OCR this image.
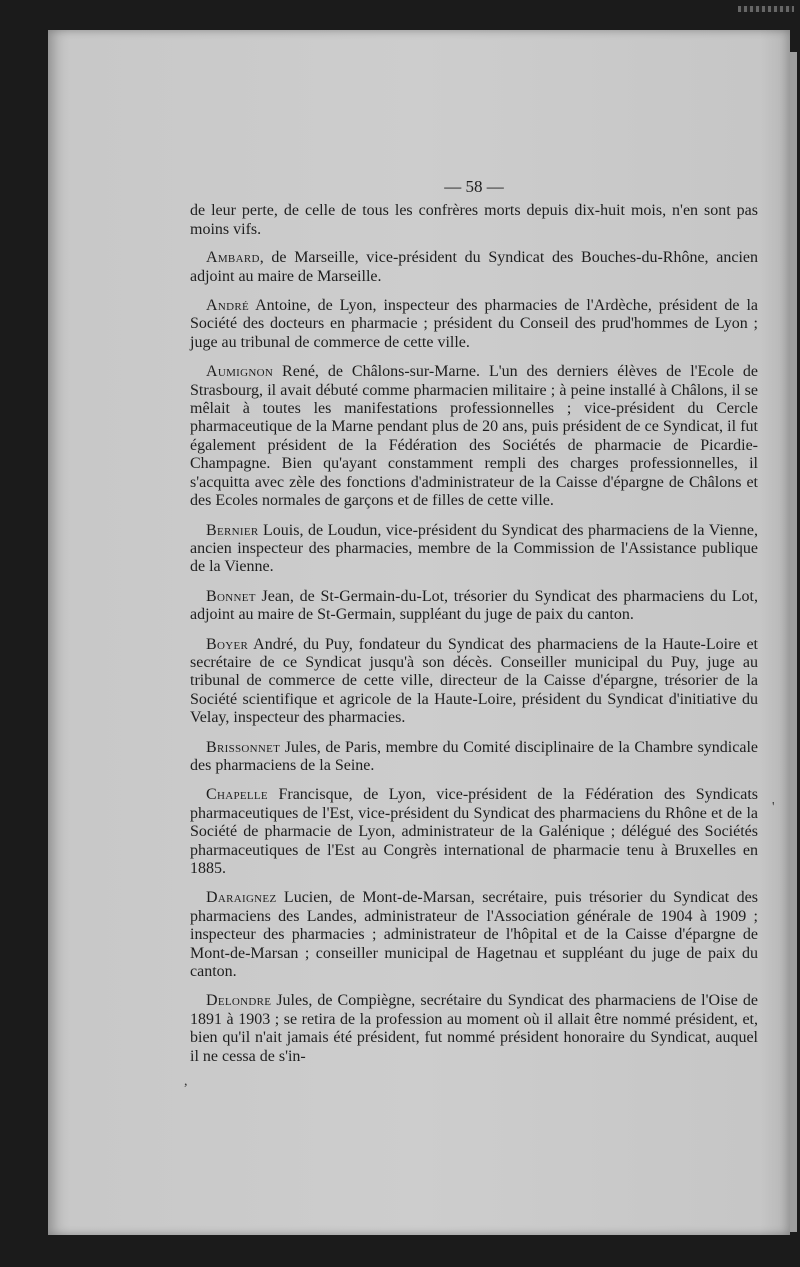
— 58 —

de leur perte, de celle de tous les confrères morts depuis dix-huit mois, n'en sont pas moins vifs.

Ambard, de Marseille, vice-président du Syndicat des Bouches-du-Rhône, ancien adjoint au maire de Marseille.

André Antoine, de Lyon, inspecteur des pharmacies de l'Ardèche, président de la Société des docteurs en pharmacie ; président du Conseil des prud'hommes de Lyon ; juge au tribunal de commerce de cette ville.

Aumignon René, de Châlons-sur-Marne. L'un des derniers élèves de l'Ecole de Strasbourg, il avait débuté comme pharmacien militaire ; à peine installé à Châlons, il se mêlait à toutes les manifestations professionnelles ; vice-président du Cercle pharmaceutique de la Marne pendant plus de 20 ans, puis président de ce Syndicat, il fut également président de la Fédération des Sociétés de pharmacie de Picardie-Champagne. Bien qu'ayant constamment rempli des charges professionnelles, il s'acquitta avec zèle des fonctions d'administrateur de la Caisse d'épargne de Châlons et des Ecoles normales de garçons et de filles de cette ville.

Bernier Louis, de Loudun, vice-président du Syndicat des pharmaciens de la Vienne, ancien inspecteur des pharmacies, membre de la Commission de l'Assistance publique de la Vienne.

Bonnet Jean, de St-Germain-du-Lot, trésorier du Syndicat des pharmaciens du Lot, adjoint au maire de St-Germain, suppléant du juge de paix du canton.

Boyer André, du Puy, fondateur du Syndicat des pharmaciens de la Haute-Loire et secrétaire de ce Syndicat jusqu'à son décès. Conseiller municipal du Puy, juge au tribunal de commerce de cette ville, directeur de la Caisse d'épargne, trésorier de la Société scientifique et agricole de la Haute-Loire, président du Syndicat d'initiative du Velay, inspecteur des pharmacies.

Brissonnet Jules, de Paris, membre du Comité disciplinaire de la Chambre syndicale des pharmaciens de la Seine.

Chapelle Francisque, de Lyon, vice-président de la Fédération des Syndicats pharmaceutiques de l'Est, vice-président du Syndicat des pharmaciens du Rhône et de la Société de pharmacie de Lyon, administrateur de la Galénique ; délégué des Sociétés pharmaceutiques de l'Est au Congrès international de pharmacie tenu à Bruxelles en 1885.

Daraignez Lucien, de Mont-de-Marsan, secrétaire, puis trésorier du Syndicat des pharmaciens des Landes, administrateur de l'Association générale de 1904 à 1909 ; inspecteur des pharmacies ; administrateur de l'hôpital et de la Caisse d'épargne de Mont-de-Marsan ; conseiller municipal de Hagetnau et suppléant du juge de paix du canton.

Delondre Jules, de Compiègne, secrétaire du Syndicat des pharmaciens de l'Oise de 1891 à 1903 ; se retira de la profession au moment où il allait être nommé président, et, bien qu'il n'ait jamais été président, fut nommé président honoraire du Syndicat, auquel il ne cessa de s'in-

,
'
